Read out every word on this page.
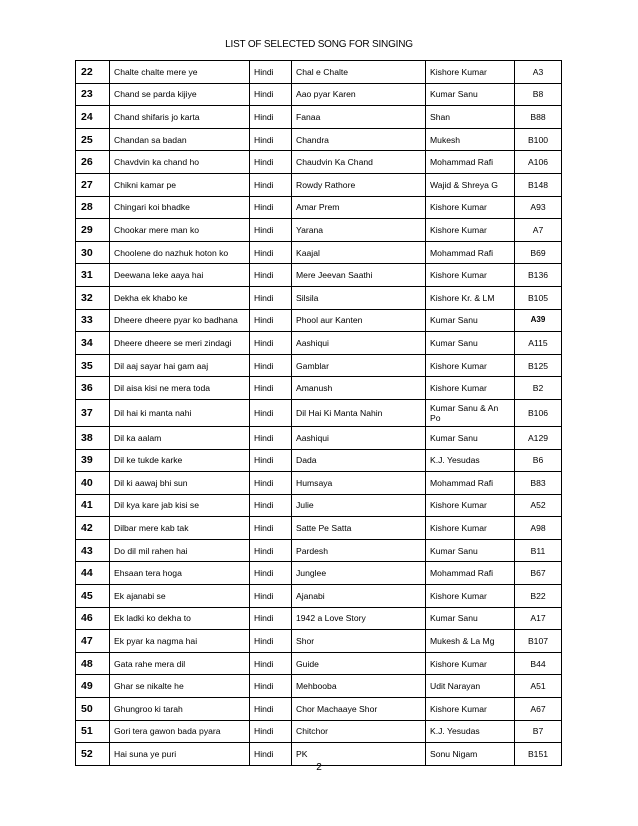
LIST OF SELECTED SONG FOR SINGING
22	Chalte chalte mere ye	Hindi	Chal e Chalte	Kishore Kumar	A3
23	Chand se parda kijiye	Hindi	Aao pyar Karen	Kumar Sanu	B8
24	Chand shifaris jo karta	Hindi	Fanaa	Shan	B88
25	Chandan sa badan	Hindi	Chandra	Mukesh	B100
26	Chavdvin ka chand ho	Hindi	Chaudvin Ka Chand	Mohammad Rafi	A106
27	Chikni kamar pe	Hindi	Rowdy Rathore	Wajid & Shreya G	B148
28	Chingari koi bhadke	Hindi	Amar Prem	Kishore Kumar	A93
29	Chookar mere man ko	Hindi	Yarana	Kishore Kumar	A7
30	Choolene do nazhuk hoton ko	Hindi	Kaajal	Mohammad Rafi	B69
31	Deewana leke aaya hai	Hindi	Mere Jeevan Saathi	Kishore Kumar	B136
32	Dekha ek khabo ke	Hindi	Silsila	Kishore Kr. & LM	B105
33	Dheere dheere pyar ko badhana	Hindi	Phool aur Kanten	Kumar Sanu	A39
34	Dheere dheere se meri zindagi	Hindi	Aashiqui	Kumar Sanu	A115
35	Dil aaj sayar hai gam aaj	Hindi	Gamblar	Kishore Kumar	B125
36	Dil aisa kisi ne mera toda	Hindi	Amanush	Kishore Kumar	B2
37	Dil hai ki manta nahi	Hindi	Dil Hai Ki Manta Nahin	Kumar Sanu & An Po	B106
38	Dil ka aalam	Hindi	Aashiqui	Kumar Sanu	A129
39	Dil ke tukde karke	Hindi	Dada	K.J. Yesudas	B6
40	Dil ki aawaj bhi sun	Hindi	Humsaya	Mohammad Rafi	B83
41	Dil kya kare jab kisi se	Hindi	Julie	Kishore Kumar	A52
42	Dilbar mere kab tak	Hindi	Satte Pe Satta	Kishore Kumar	A98
43	Do dil mil rahen hai	Hindi	Pardesh	Kumar Sanu	B11
44	Ehsaan tera hoga	Hindi	Junglee	Mohammad Rafi	B67
45	Ek ajanabi se	Hindi	Ajanabi	Kishore Kumar	B22
46	Ek ladki ko dekha to	Hindi	1942 a Love Story	Kumar Sanu	A17
47	Ek pyar ka nagma hai	Hindi	Shor	Mukesh & La Mg	B107
48	Gata rahe mera dil	Hindi	Guide	Kishore Kumar	B44
49	Ghar se nikalte he	Hindi	Mehbooba	Udit Narayan	A51
50	Ghungroo ki tarah	Hindi	Chor Machaaye Shor	Kishore Kumar	A67
51	Gori tera gawon bada pyara	Hindi	Chitchor	K.J. Yesudas	B7
52	Hai suna ye puri	Hindi	PK	Sonu Nigam	B151
2
